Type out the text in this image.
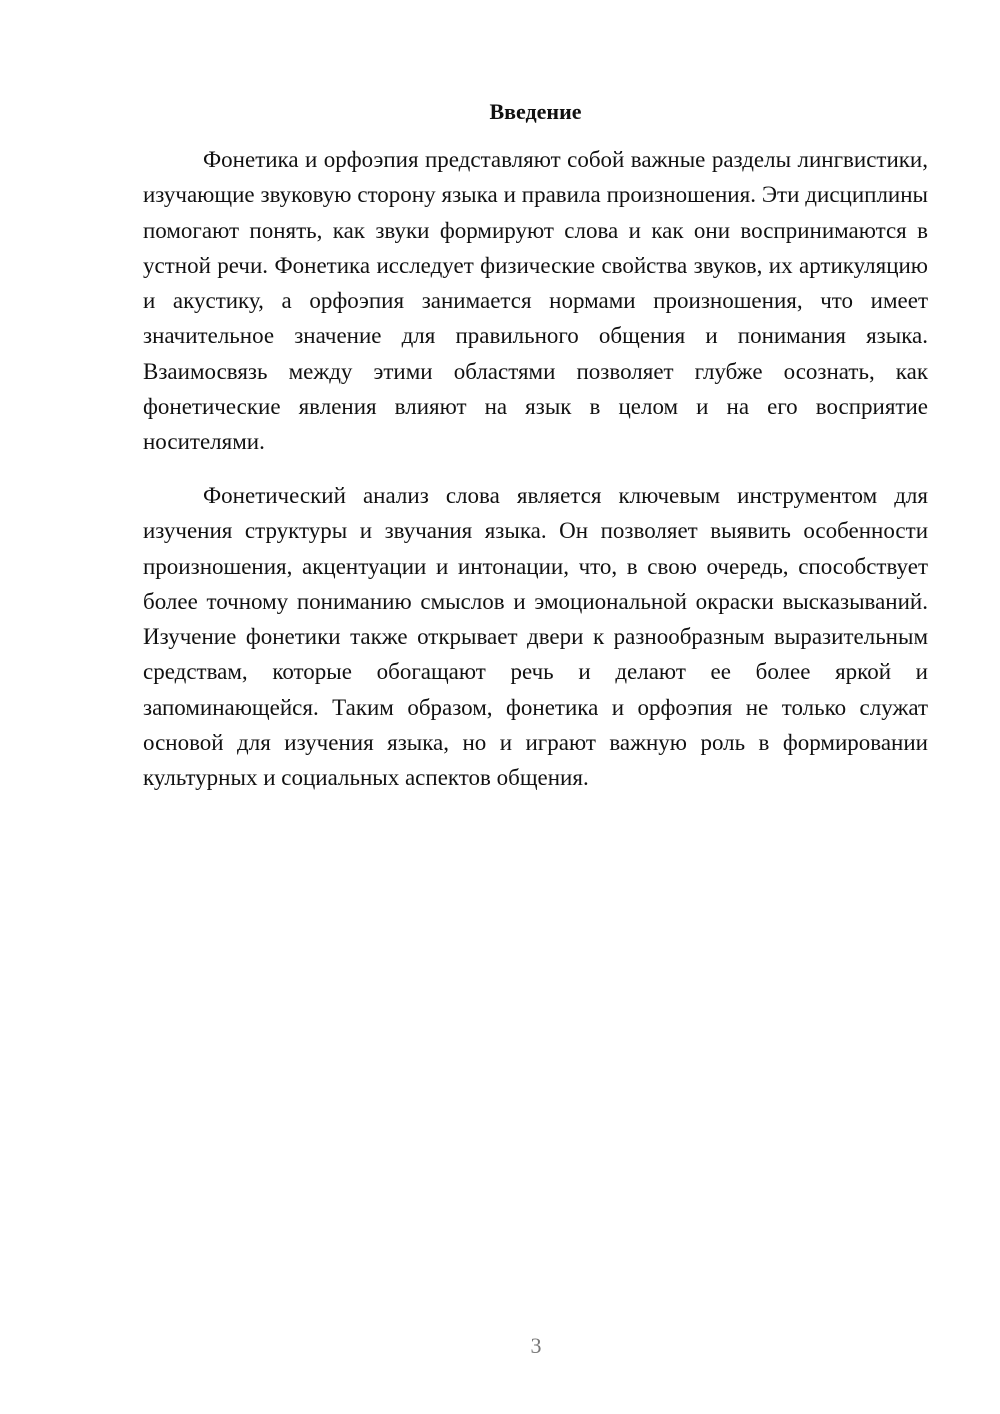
Введение

Фонетика и орфоэпия представляют собой важные разделы лингвистики, изучающие звуковую сторону языка и правила произношения. Эти дисциплины помогают понять, как звуки формируют слова и как они воспринимаются в устной речи. Фонетика исследует физические свойства звуков, их артикуляцию и акустику, а орфоэпия занимается нормами произношения, что имеет значительное значение для правильного общения и понимания языка. Взаимосвязь между этими областями позволяет глубже осознать, как фонетические явления влияют на язык в целом и на его восприятие носителями.

Фонетический анализ слова является ключевым инструментом для изучения структуры и звучания языка. Он позволяет выявить особенности произношения, акцентуации и интонации, что, в свою очередь, способствует более точному пониманию смыслов и эмоциональной окраски высказываний. Изучение фонетики также открывает двери к разнообразным выразительным средствам, которые обогащают речь и делают ее более яркой и запоминающейся. Таким образом, фонетика и орфоэпия не только служат основой для изучения языка, но и играют важную роль в формировании культурных и социальных аспектов общения.

3
